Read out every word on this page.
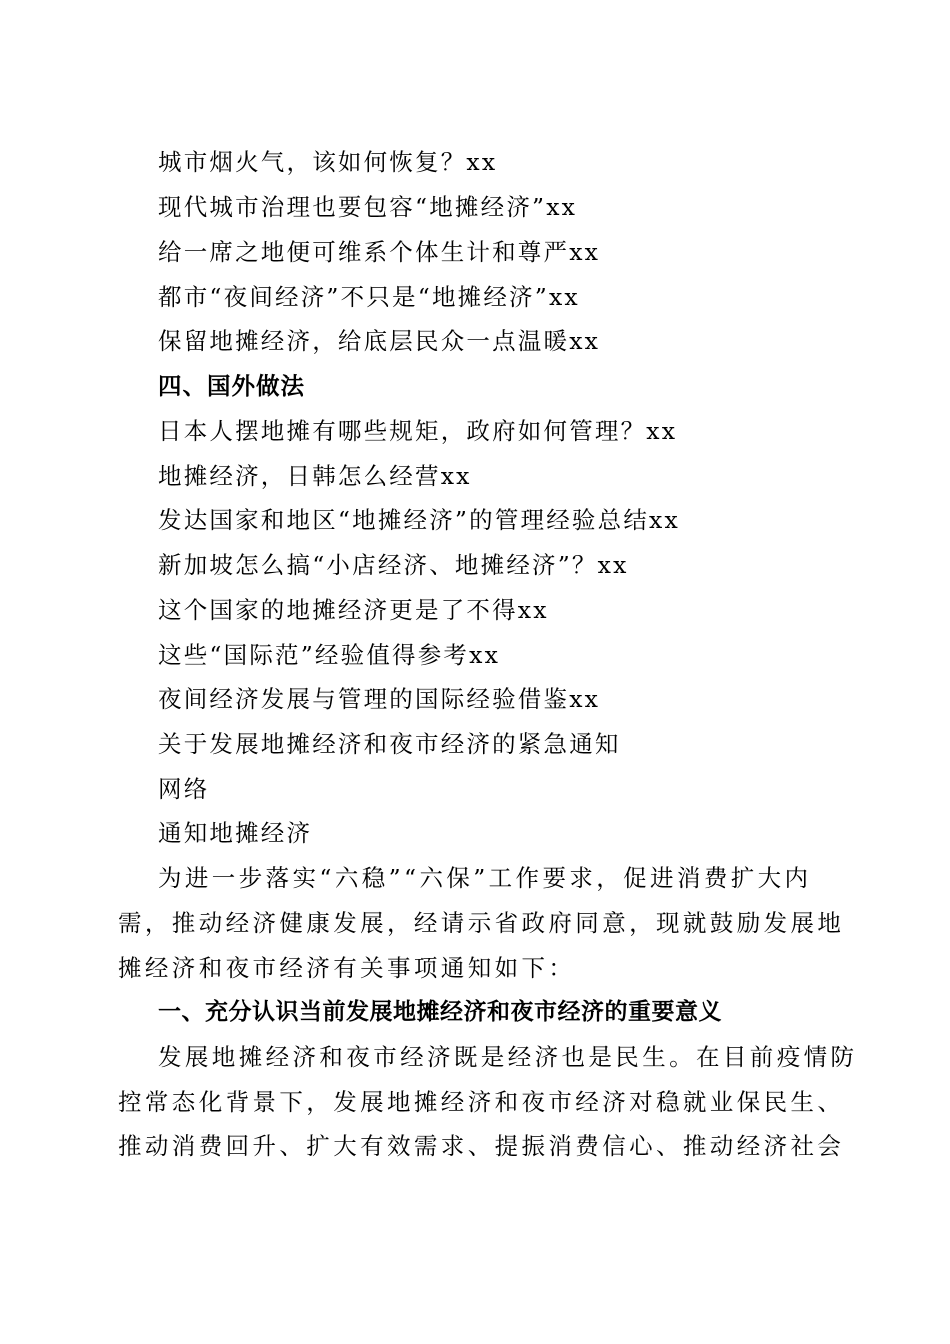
城市烟火气，该如何恢复？xx
现代城市治理也要包容“地摊经济”xx
给一席之地便可维系个体生计和尊严xx
都市“夜间经济”不只是“地摊经济”xx
保留地摊经济，给底层民众一点温暖xx
四、国外做法
日本人摆地摊有哪些规矩，政府如何管理？xx
地摊经济，日韩怎么经营xx
发达国家和地区“地摊经济”的管理经验总结xx
新加坡怎么搞“小店经济、地摊经济”？xx
这个国家的地摊经济更是了不得xx
这些“国际范”经验值得参考xx
夜间经济发展与管理的国际经验借鉴xx
关于发展地摊经济和夜市经济的紧急通知
网络
通知地摊经济
为进一步落实“六稳”“六保”工作要求，促进消费扩大内
需，推动经济健康发展，经请示省政府同意，现就鼓励发展地
摊经济和夜市经济有关事项通知如下：
一、充分认识当前发展地摊经济和夜市经济的重要意义
发展地摊经济和夜市经济既是经济也是民生。在目前疫情防
控常态化背景下，发展地摊经济和夜市经济对稳就业保民生、
推动消费回升、扩大有效需求、提振消费信心、推动经济社会
